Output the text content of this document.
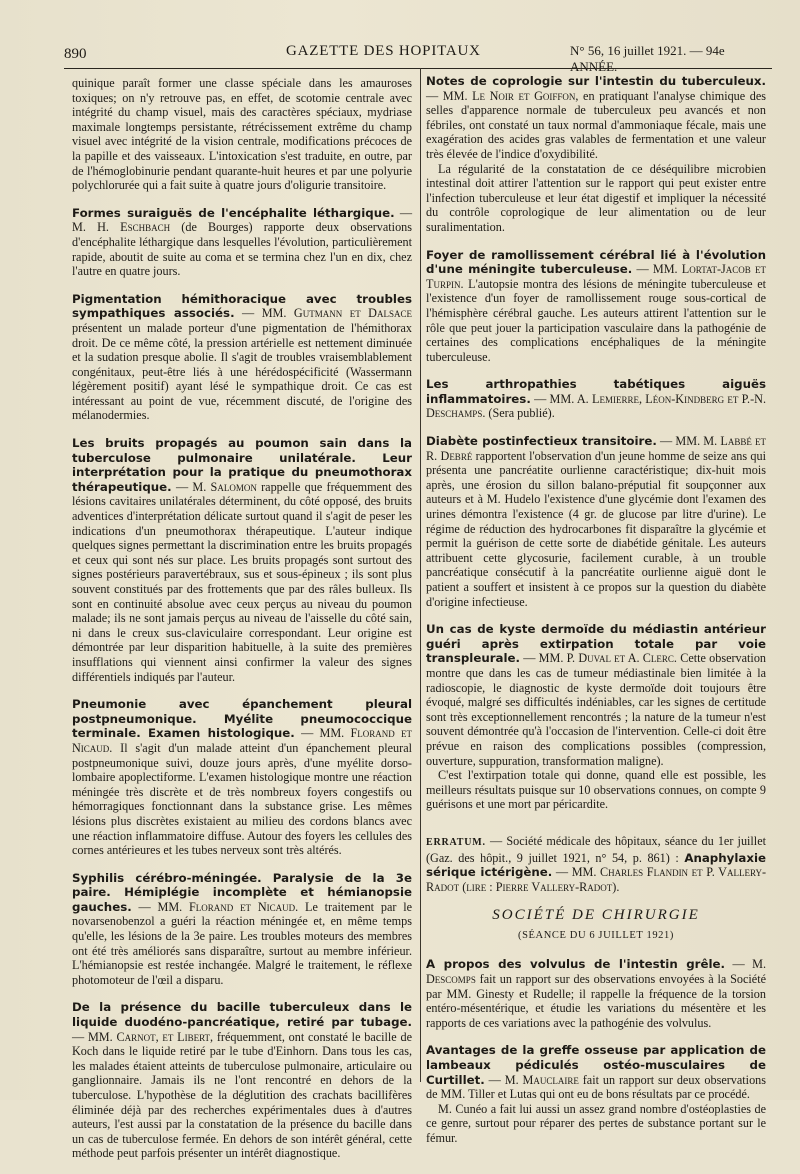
890	GAZETTE DES HOPITAUX	N° 56, 16 juillet 1921. — 94e ANNÉE.

quinique paraît former une classe spéciale dans les amauroses toxiques; on n'y retrouve pas, en effet, de scotomie centrale avec intégrité du champ visuel, mais des caractères spéciaux, mydriase maximale longtemps persistante, rétrécissement extrême du champ visuel avec intégrité de la vision centrale, modifications précoces de la papille et des vaisseaux. L'intoxication s'est traduite, en outre, par de l'hémoglobinurie pendant quarante-huit heures et par une polyurie polychlorurée qui a fait suite à quatre jours d'oligurie transitoire.

Formes suraiguës de l'encéphalite léthargique. — M. H. Eschbach (de Bourges) rapporte deux observations d'encéphalite léthargique dans lesquelles l'évolution, particulièrement rapide, aboutit de suite au coma et se termina chez l'un en dix, chez l'autre en quatre jours.

Pigmentation hémithoracique avec troubles sympathiques associés. — MM. Gutmann et Dalsace présentent un malade porteur d'une pigmentation de l'hémithorax droit. De ce même côté, la pression artérielle est nettement diminuée et la sudation presque abolie. Il s'agit de troubles vraisemblablement congénitaux, peut-être liés à une hérédospécificité (Wassermann légèrement positif) ayant lésé le sympathique droit. Ce cas est intéressant au point de vue, récemment discuté, de l'origine des mélanodermies.

Les bruits propagés au poumon sain dans la tuberculose pulmonaire unilatérale. Leur interprétation pour la pratique du pneumothorax thérapeutique. — M. Salomon rappelle que fréquemment des lésions cavitaires unilatérales déterminent, du côté opposé, des bruits adventices d'interprétation délicate surtout quand il s'agit de peser les indications d'un pneumothorax thérapeutique. L'auteur indique quelques signes permettant la discrimination entre les bruits propagés et ceux qui sont nés sur place. Les bruits propagés sont surtout des signes postérieurs paravertébraux, sus et sous-épineux ; ils sont plus souvent constitués par des frottements que par des râles bulleux. Ils sont en continuité absolue avec ceux perçus au niveau du poumon malade; ils ne sont jamais perçus au niveau de l'aisselle du côté sain, ni dans le creux sus-claviculaire correspondant. Leur origine est démontrée par leur disparition habituelle, à la suite des premières insufflations qui viennent ainsi confirmer la valeur des signes différentiels indiqués par l'auteur.

Pneumonie avec épanchement pleural postpneumonique. Myélite pneumococcique terminale. Examen histologique. — MM. Florand et Nicaud. Il s'agit d'un malade atteint d'un épanchement pleural postpneumonique suivi, douze jours après, d'une myélite dorso-lombaire apoplectiforme. L'examen histologique montre une réaction méningée très discrète et de très nombreux foyers congestifs ou hémorragiques fonctionnant dans la substance grise. Les mêmes lésions plus discrètes existaient au milieu des cordons blancs avec une réaction inflammatoire diffuse. Autour des foyers les cellules des cornes antérieures et les tubes nerveux sont très altérés.

Syphilis cérébro-méningée. Paralysie de la 3e paire. Hémiplégie incomplète et hémianopsie gauches. — MM. Florand et Nicaud. Le traitement par le novarsenobenzol a guéri la réaction méningée et, en même temps qu'elle, les lésions de la 3e paire. Les troubles moteurs des membres ont été très améliorés sans disparaître, surtout au membre inférieur. L'hémianopsie est restée inchangée. Malgré le traitement, le réflexe photomoteur de l'œil a disparu.

De la présence du bacille tuberculeux dans le liquide duodéno-pancréatique, retiré par tubage. — MM. Carnot, et Libert, fréquemment, ont constaté le bacille de Koch dans le liquide retiré par le tube d'Einhorn. Dans tous les cas, les malades étaient atteints de tuberculose pulmonaire, articulaire ou ganglionnaire. Jamais ils ne l'ont rencontré en dehors de la tuberculose. L'hypothèse de la déglutition des crachats bacillifères éliminée déjà par des recherches expérimentales dues à d'autres auteurs, l'est aussi par la constatation de la présence du bacille dans un cas de tuberculose fermée. En dehors de son intérêt général, cette méthode peut parfois présenter un intérêt diagnostique.

Notes de coprologie sur l'intestin du tuberculeux. — MM. Le Noir et Goiffon, en pratiquant l'analyse chimique des selles d'apparence normale de tuberculeux peu avancés et non fébriles, ont constaté un taux normal d'ammoniaque fécale, mais une exagération des acides gras valables de fermentation et une valeur très élevée de l'indice d'oxydibilité.

La régularité de la constatation de ce déséquilibre microbien intestinal doit attirer l'attention sur le rapport qui peut exister entre l'infection tuberculeuse et leur état digestif et impliquer la nécessité du contrôle coprologique de leur alimentation ou de leur suralimentation.

Foyer de ramollissement cérébral lié à l'évolution d'une méningite tuberculeuse. — MM. Lortat-Jacob et Turpin. L'autopsie montra des lésions de méningite tuberculeuse et l'existence d'un foyer de ramollissement rouge sous-cortical de l'hémisphère cérébral gauche. Les auteurs attirent l'attention sur le rôle que peut jouer la participation vasculaire dans la pathogénie de certaines des complications encéphaliques de la méningite tuberculeuse.

Les arthropathies tabétiques aiguës inflammatoires. — MM. A. Lemierre, Léon-Kindberg et P.-N. Deschamps. (Sera publié).

Diabète postinfectieux transitoire. — MM. M. Labbé et R. Debré rapportent l'observation d'un jeune homme de seize ans qui présenta une pancréatite ourlienne caractéristique; dix-huit mois après, une érosion du sillon balano-préputial fit soupçonner aux auteurs et à M. Hudelo l'existence d'une glycémie dont l'examen des urines démontra l'existence (4 gr. de glucose par litre d'urine). Le régime de réduction des hydrocarbones fit disparaître la glycémie et permit la guérison de cette sorte de diabétide génitale. Les auteurs attribuent cette glycosurie, facilement curable, à un trouble pancréatique consécutif à la pancréatite ourlienne aiguë dont le patient a souffert et insistent à ce propos sur la question du diabète d'origine infectieuse.

Un cas de kyste dermoïde du médiastin antérieur guéri après extirpation totale par voie transpleurale. — MM. P. Duval et A. Clerc. Cette observation montre que dans les cas de tumeur médiastinale bien limitée à la radioscopie, le diagnostic de kyste dermoïde doit toujours être évoqué, malgré ses difficultés indéniables, car les signes de certitude sont très exceptionnellement rencontrés ; la nature de la tumeur n'est souvent démontrée qu'à l'occasion de l'intervention. Celle-ci doit être prévue en raison des complications possibles (compression, ouverture, suppuration, transformation maligne).

C'est l'extirpation totale qui donne, quand elle est possible, les meilleurs résultats puisque sur 10 observations connues, on compte 9 guérisons et une mort par péricardite.

ERRATUM. — Société médicale des hôpitaux, séance du 1er juillet (Gaz. des hôpit., 9 juillet 1921, n° 54, p. 861) : Anaphylaxie sérique ictérigène. — MM. Charles Flandin et P. Vallery-Radot (lire : Pierre Vallery-Radot).

SOCIÉTÉ DE CHIRURGIE
(SÉANCE DU 6 JUILLET 1921)

A propos des volvulus de l'intestin grêle. — M. Descomps fait un rapport sur des observations envoyées à la Société par MM. Ginesty et Rudelle; il rappelle la fréquence de la torsion entéro-mésentérique, et étudie les variations du mésentère et les rapports de ces variations avec la pathogénie des volvulus.

Avantages de la greffe osseuse par application de lambeaux pédiculés ostéo-musculaires de Curtillet. — M. Mauclaire fait un rapport sur deux observations de MM. Tiller et Lutas qui ont eu de bons résultats par ce procédé.

M. Cunéo a fait lui aussi un assez grand nombre d'ostéoplasties de ce genre, surtout pour réparer des pertes de substance portant sur le fémur.
